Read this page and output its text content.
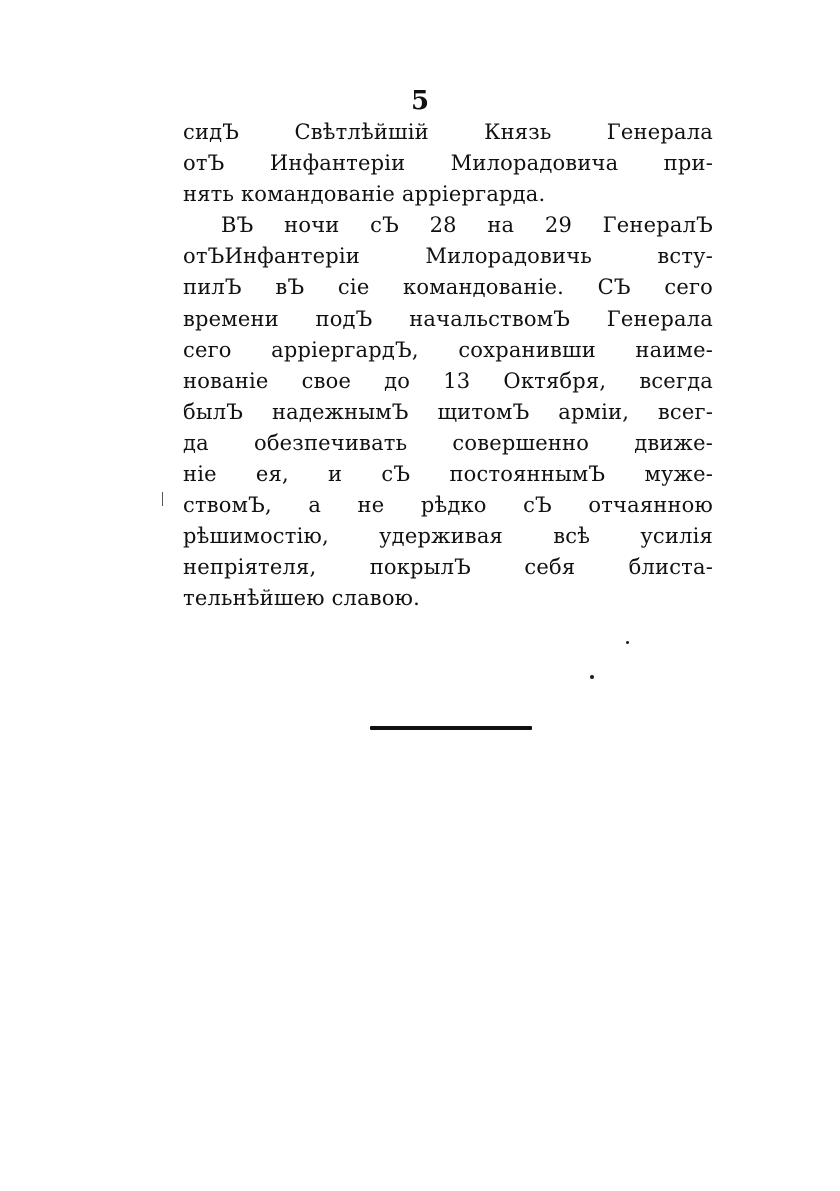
5
сидЪ Свѣтлѣйшій Князь Генерала
отЪ Инфантеріи Милорадовича при-
нять командованіе арріергарда.
ВЪ ночи сЪ 28 на 29 ГенералЪ
отЪИнфантеріи Милорадовичь всту-
пилЪ вЪ сіе командованіе. СЪ сего
времени подЪ начальствомЪ Генерала
сего арріергардЪ, сохранивши наиме-
нованіе свое до 13 Октября, всегда
былЪ надежнымЪ щитомЪ арміи, всег-
да обезпечивать совершенно движе-
ніе ея, и сЪ постояннымЪ муже-
ствомЪ, а не рѣдко сЪ отчаянною
рѣшимостію, удерживая всѣ усилія
непріятеля, покрылЪ себя блиста-
тельнѣйшею славою.
